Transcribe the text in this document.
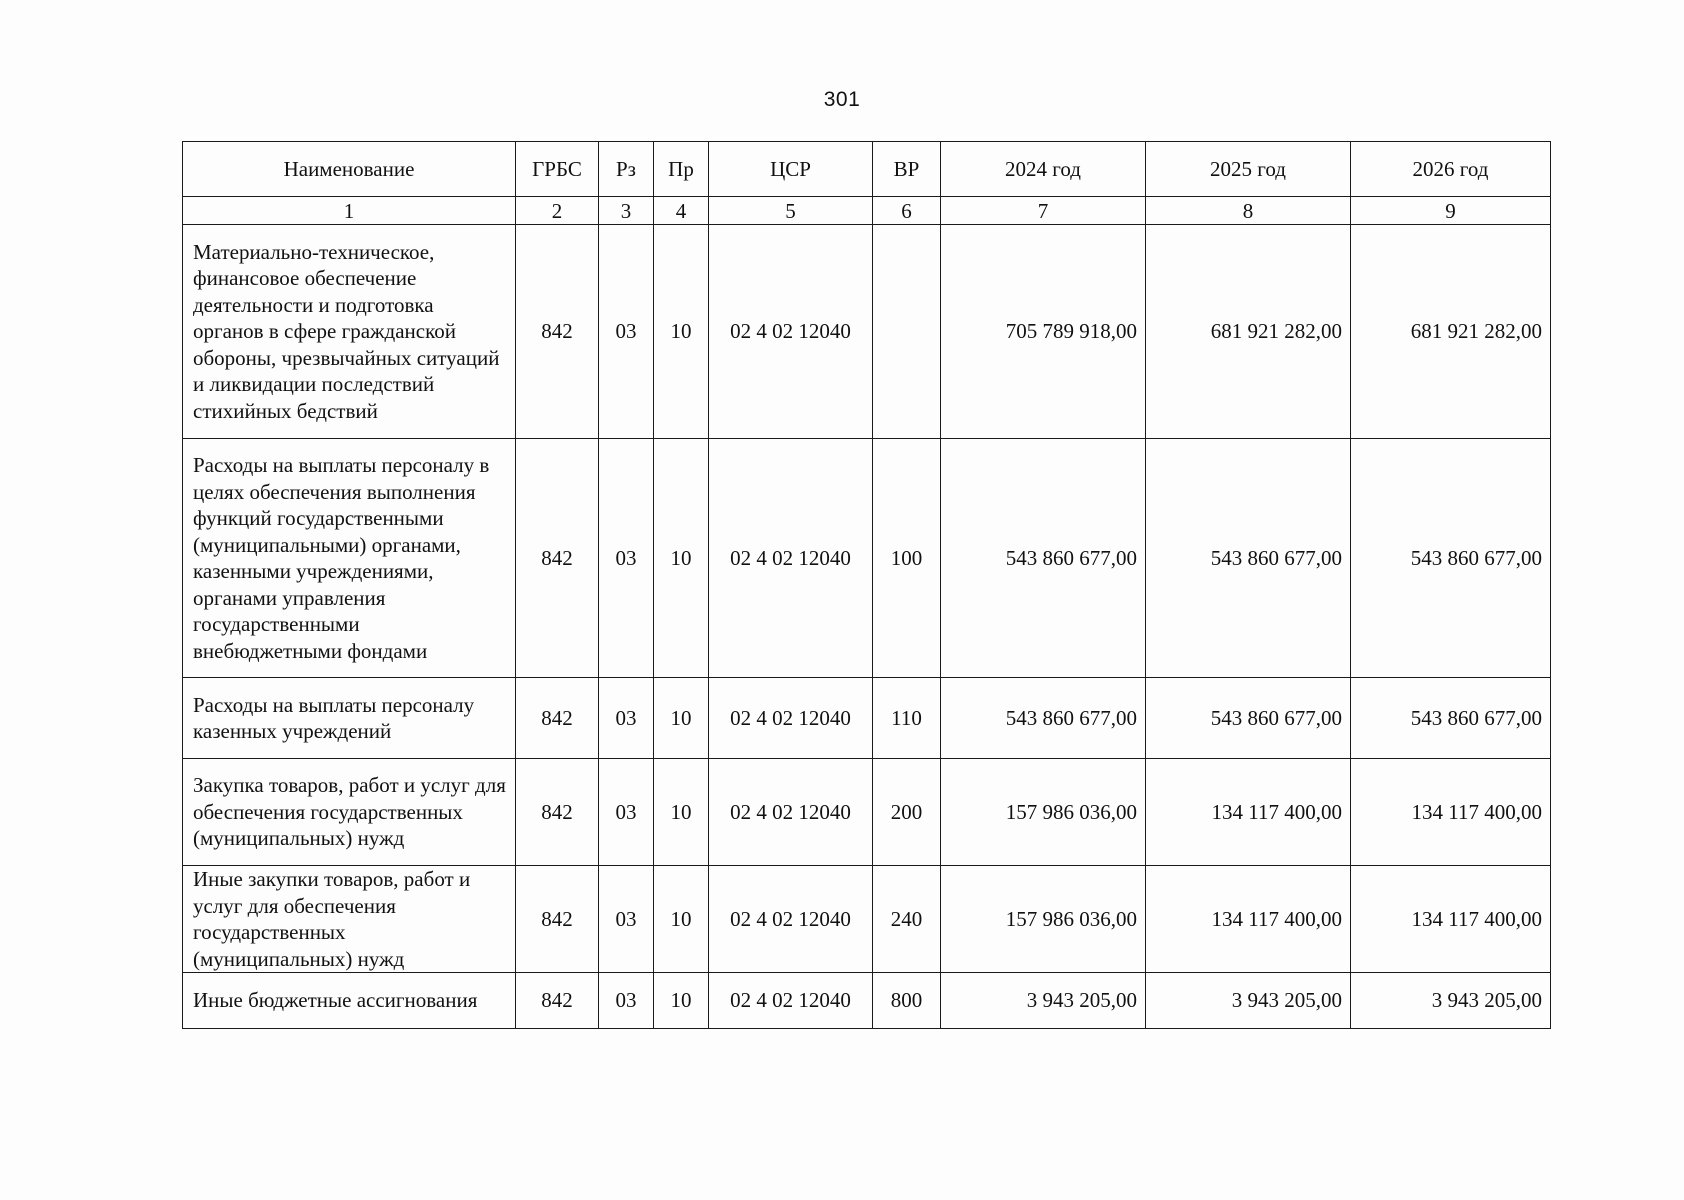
301
Наименование	ГРБС	Рз	Пр	ЦСР	ВР	2024 год	2025 год	2026 год
1	2	3	4	5	6	7	8	9
Материально-техническое, финансовое обеспечение деятельности и подготовка органов в сфере гражданской обороны, чрезвычайных ситуаций и ликвидации последствий стихийных бедствий	842	03	10	02 4 02 12040		705 789 918,00	681 921 282,00	681 921 282,00
Расходы на выплаты персоналу в целях обеспечения выполнения функций государственными (муниципальными) органами, казенными учреждениями, органами управления государственными внебюджетными фондами	842	03	10	02 4 02 12040	100	543 860 677,00	543 860 677,00	543 860 677,00
Расходы на выплаты персоналу казенных учреждений	842	03	10	02 4 02 12040	110	543 860 677,00	543 860 677,00	543 860 677,00
Закупка товаров, работ и услуг для обеспечения государственных (муниципальных) нужд	842	03	10	02 4 02 12040	200	157 986 036,00	134 117 400,00	134 117 400,00
Иные закупки товаров, работ и услуг для обеспечения государственных (муниципальных) нужд	842	03	10	02 4 02 12040	240	157 986 036,00	134 117 400,00	134 117 400,00
Иные бюджетные ассигнования	842	03	10	02 4 02 12040	800	3 943 205,00	3 943 205,00	3 943 205,00
